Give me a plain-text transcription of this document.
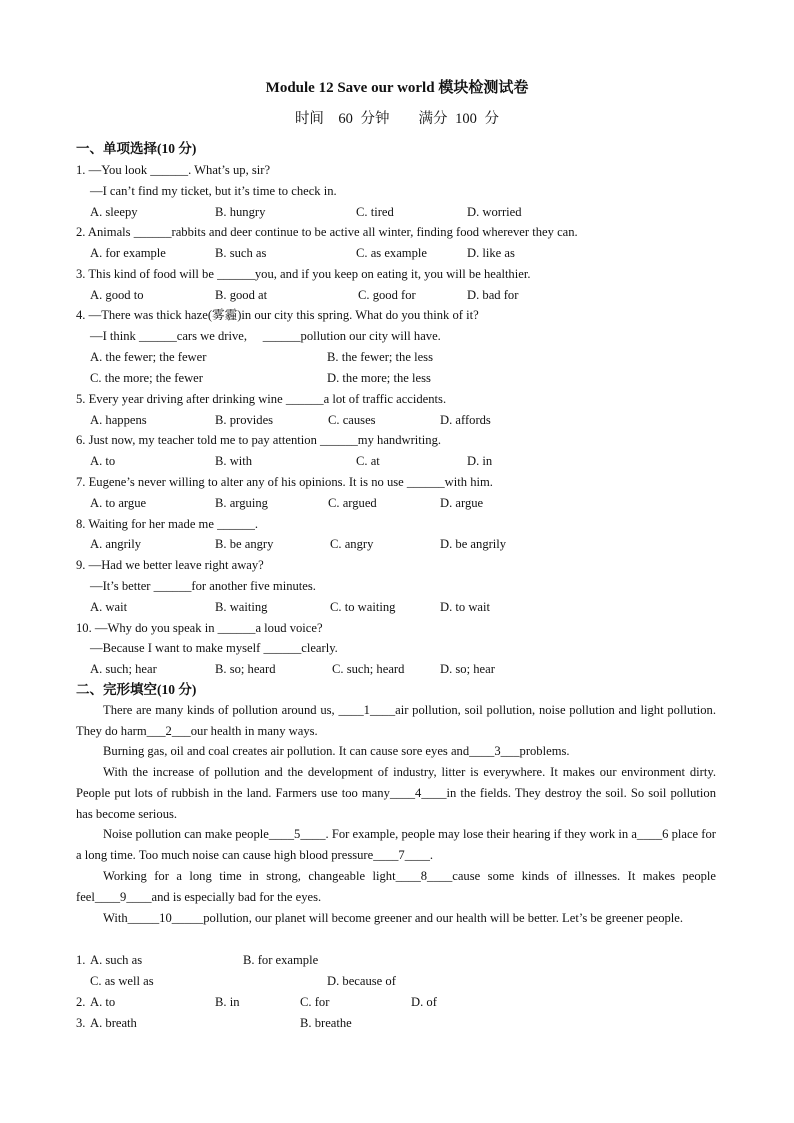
Module 12 Save our world 模块检测试卷
时间　60 分钟　　满分 100 分
一、单项选择(10 分)
1. —You look ______. What’s up, sir?
—I can’t find my ticket, but it’s time to check in.
A. sleepy	B. hungry	C. tired	D. worried
2. Animals ______rabbits and deer continue to be active all winter, finding food wherever they can.
A. for example	B. such as	C. as example	D. like as
3. This kind of food will be ______you, and if you keep on eating it, you will be healthier.
A. good to	B. good at	C. good for	D. bad for
4. —There was thick haze(雾霾)in our city this spring. What do you think of it?
—I think ______cars we drive,　 ______pollution our city will have.
A. the fewer; the fewer	B. the fewer; the less
C. the more; the fewer	D. the more; the less
5. Every year driving after drinking wine ______a lot of traffic accidents.
A. happens	B. provides	C. causes	D. affords
6. Just now, my teacher told me to pay attention ______my handwriting.
A. to	B. with	C. at	D. in
7. Eugene’s never willing to alter any of his opinions. It is no use ______with him.
A. to argue	B. arguing	C. argued	D. argue
8. Waiting for her made me ______.
A. angrily	B. be angry	C. angry	D. be angrily
9. —Had we better leave right away?
—It’s better ______for another five minutes.
A. wait	B. waiting	C. to waiting	D. to wait
10. —Why do you speak in ______a loud voice?
—Because I want to make myself ______clearly.
A. such; hear	B. so; heard	C. such; heard	D. so; hear
二、完形填空(10 分)
There are many kinds of pollution around us, ____1____air pollution, soil pollution, noise pollution and light pollution. They do harm___2___our health in many ways.
Burning gas, oil and coal creates air pollution. It can cause sore eyes and____3___problems.
With the increase of pollution and the development of industry, litter is everywhere. It makes our environment dirty. People put lots of rubbish in the land. Farmers use too many____4____in the fields. They destroy the soil. So soil pollution has become serious.
Noise pollution can make people____5____. For example, people may lose their hearing if they work in a____6 place for a long time. Too much noise can cause high blood pressure____7____.
Working for a long time in strong, changeable light____8____cause some kinds of illnesses. It makes people feel____9____and is especially bad for the eyes.
With_____10_____pollution, our planet will become greener and our health will be better. Let’s be greener people.
1. A. such as	B. for example
C. as well as	D. because of
2. A. to	B. in	C. for	D. of
3. A. breath	B. breathe
